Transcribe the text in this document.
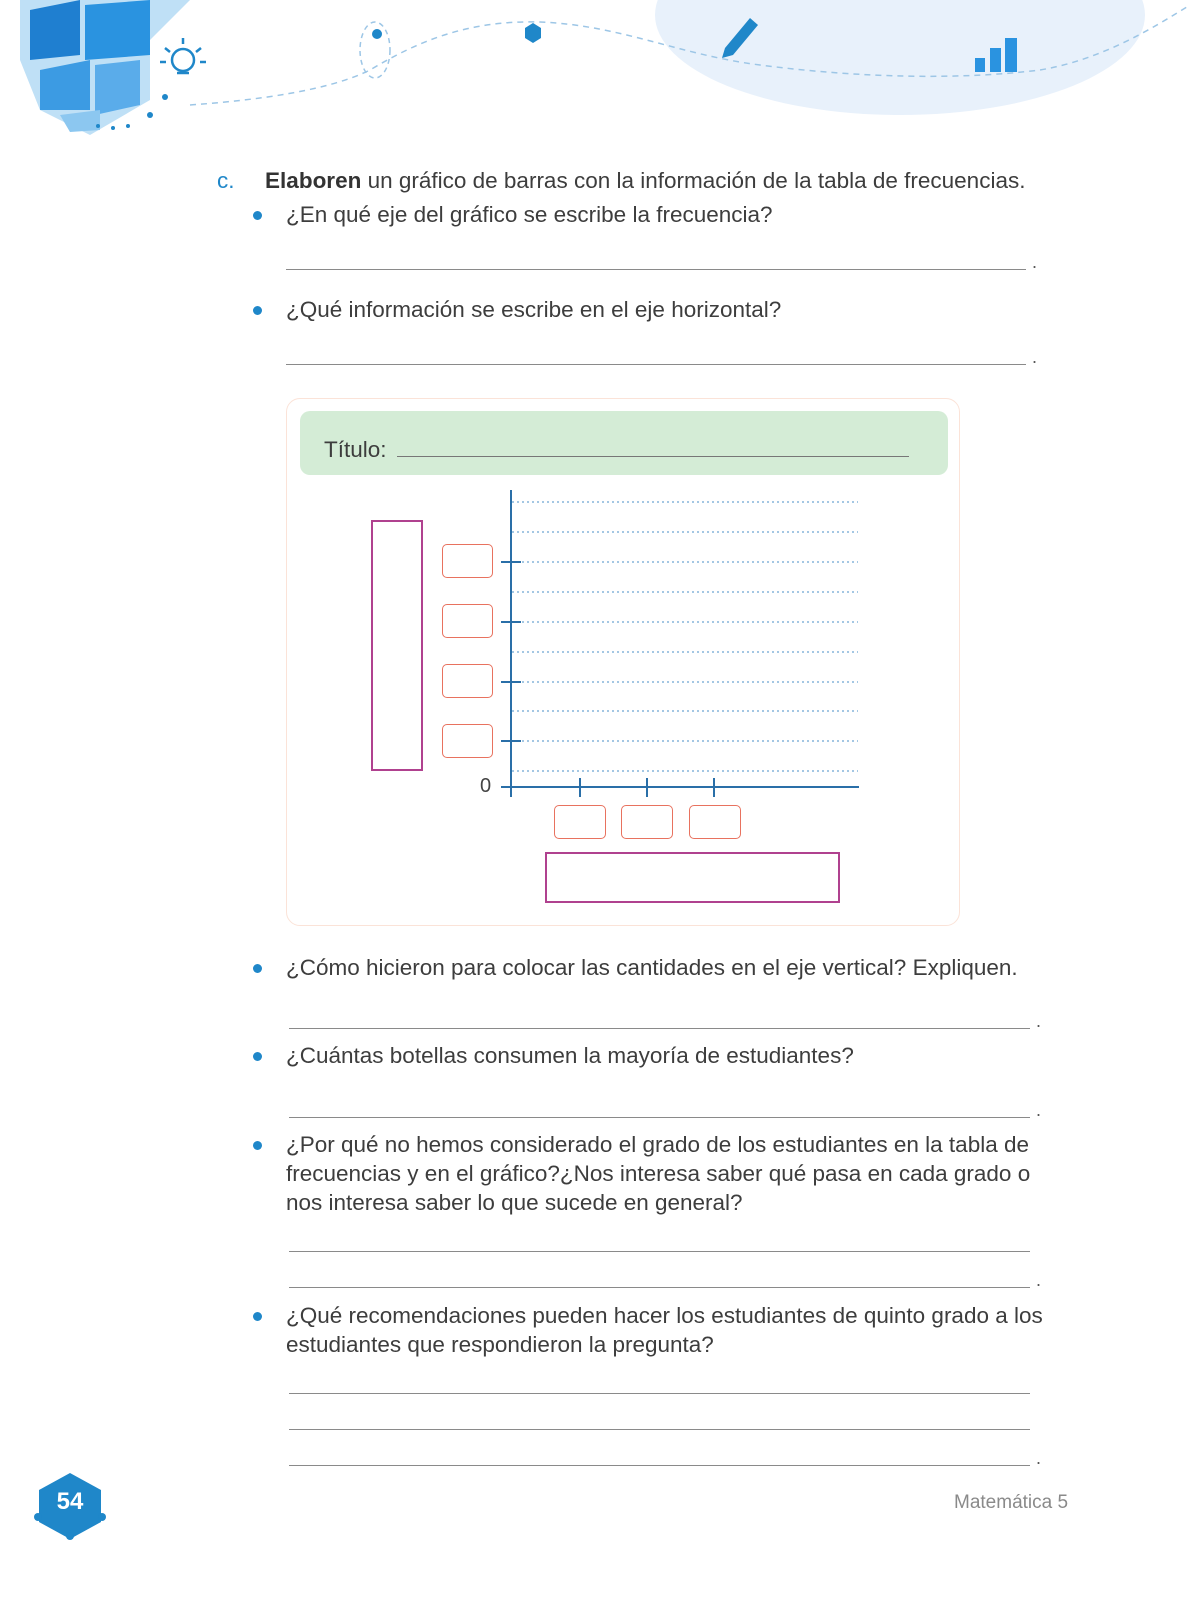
c. Elaboren un gráfico de barras con la información de la tabla de frecuencias.
¿En qué eje del gráfico se escribe la frecuencia?
.
¿Qué información se escribe en el eje horizontal?
.
Título:
0
¿Cómo hicieron para colocar las cantidades en el eje vertical? Expliquen.
.
¿Cuántas botellas consumen la mayoría de estudiantes?
.
¿Por qué no hemos considerado el grado de los estudiantes en la tabla de frecuencias y en el gráfico?¿Nos interesa saber qué pasa en cada grado o nos interesa saber lo que sucede en general?
.
¿Qué recomendaciones pueden hacer los estudiantes de quinto grado a los estudiantes que respondieron la pregunta?
.
54	Matemática 5
